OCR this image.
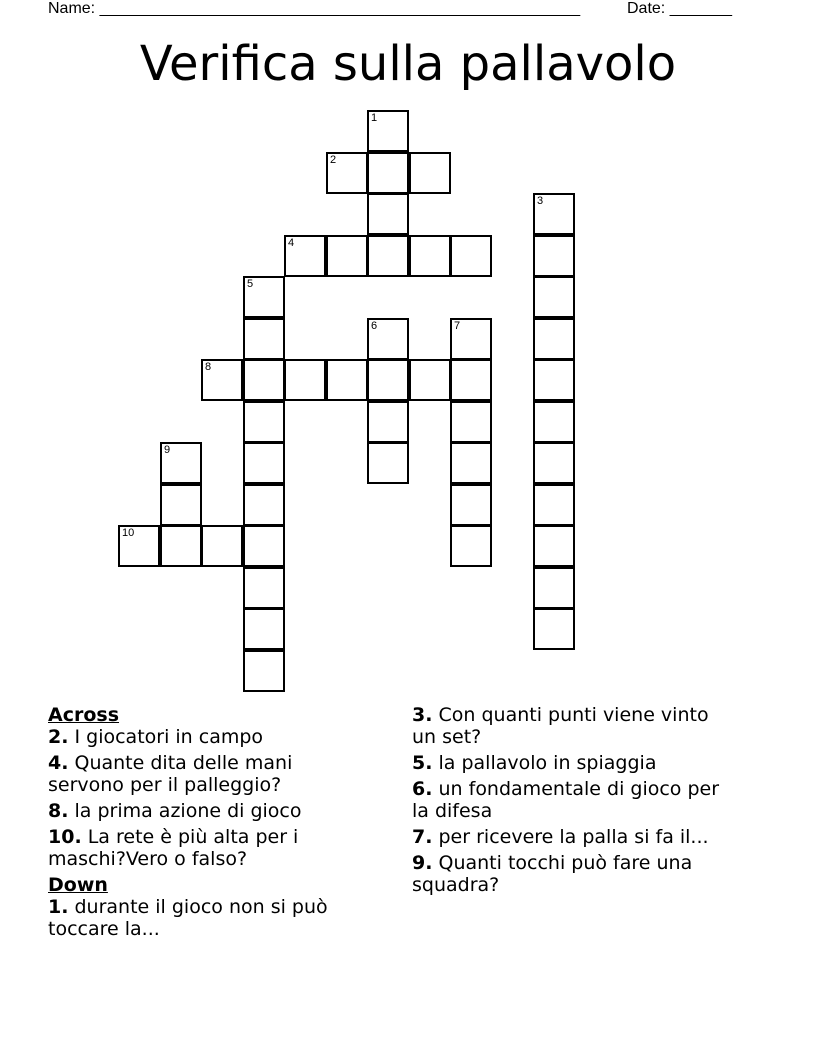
Name: ______________________________________________________	Date: _______
Verifica sulla pallavolo
1
2
3
4
5
6	7
8
9
10

Across

2. I giocatori in campo

4. Quante dita delle mani servono per il palleggio?

8. la prima azione di gioco

10. La rete è più alta per i maschi?Vero o falso?

Down

1. durante il gioco non si può toccare la...

3. Con quanti punti viene vinto un set?

5. la pallavolo in spiaggia

6. un fondamentale di gioco per la difesa

7. per ricevere la palla si fa il...

9. Quanti tocchi può fare una squadra?
